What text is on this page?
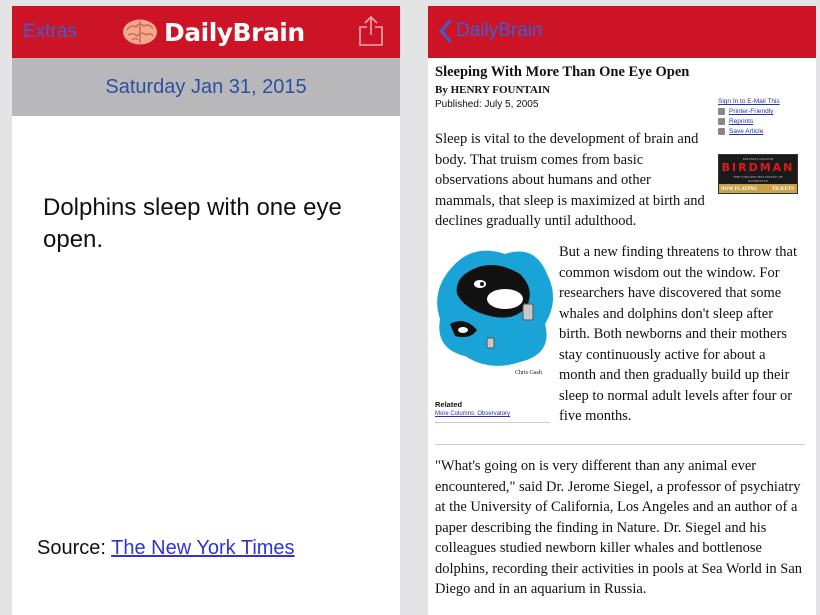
Extras	DailyBrain
Saturday Jan 31, 2015
Dolphins sleep with one eye open.
Source: The New York Times
DailyBrain
Sleeping With More Than One Eye Open
By HENRY FOUNTAIN
Published: July 5, 2005	Sign In to E-Mail This
Printer-Friendly
Reprints
Save Article
MICHAEL KEATON
BIRDMAN
THE UNEXPECTED VIRTUE OF IGNORANCE
NOW PLAYING	TICKETS

Sleep is vital to the development of brain and body. That truism comes from basic observations about humans and other mammals, that sleep is maximized at birth and declines gradually until adulthood.

Chris Gash
Related
More Columns: Observatory

But a new finding threatens to throw that common wisdom out the window. For researchers have discovered that some whales and dolphins don't sleep after birth. Both newborns and their mothers stay continuously active for about a month and then gradually build up their sleep to normal adult levels after four or five months.

"What's going on is very different than any animal ever encountered," said Dr. Jerome Siegel, a professor of psychiatry at the University of California, Los Angeles and an author of a paper describing the finding in Nature. Dr. Siegel and his colleagues studied newborn killer whales and bottlenose dolphins, recording their activities in pools at Sea World in San Diego and in an aquarium in Russia.
